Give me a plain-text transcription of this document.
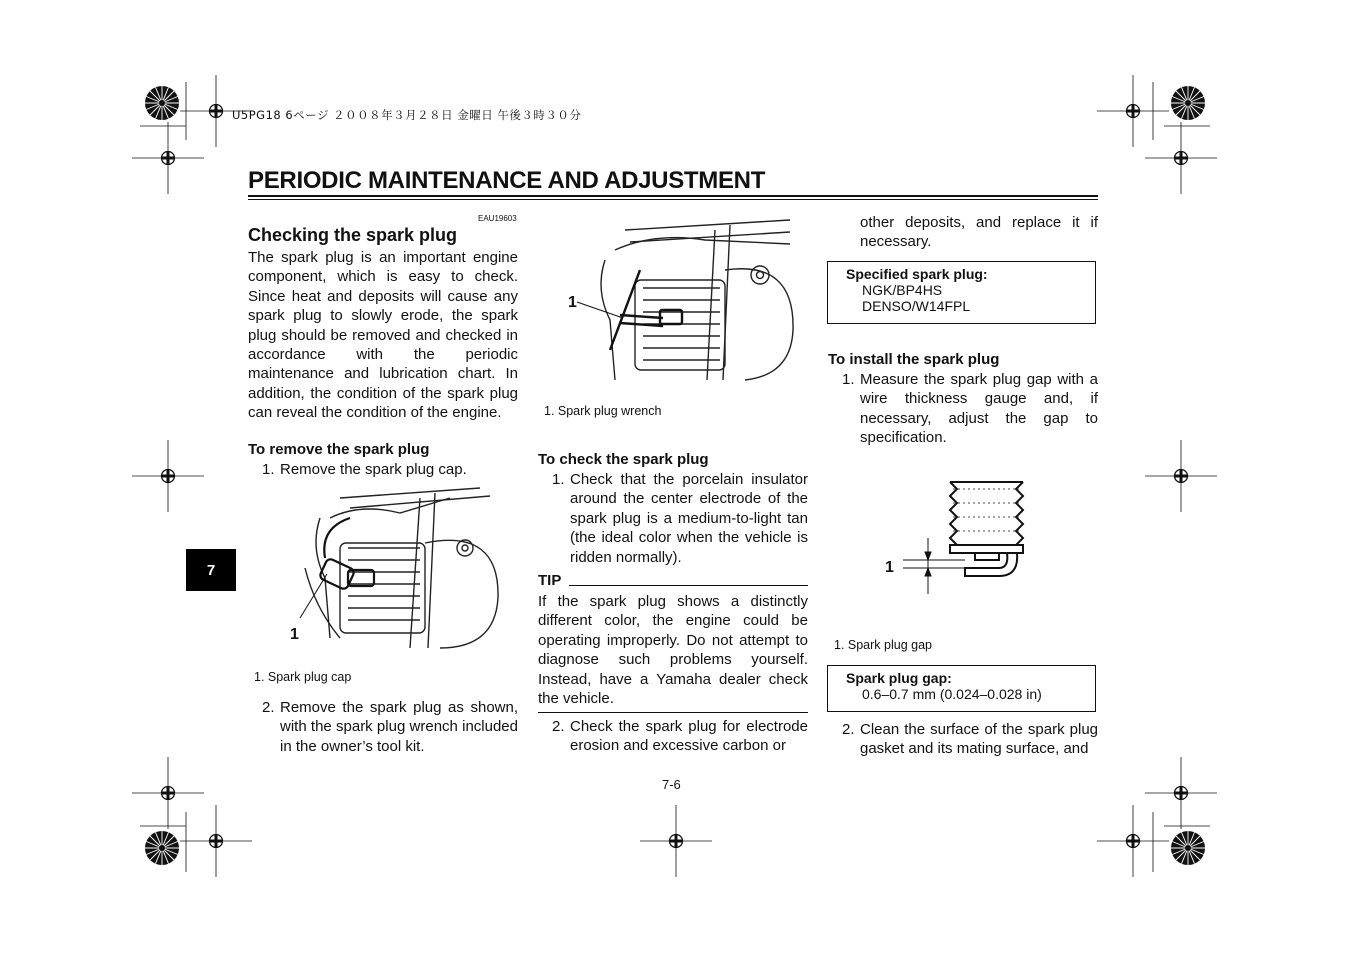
U5PG18 6ページ ２００８年３月２８日 金曜日 午後３時３０分
PERIODIC MAINTENANCE AND ADJUSTMENT
EAU19603
Checking the spark plug
The spark plug is an important engine component, which is easy to check. Since heat and deposits will cause any spark plug to slowly erode, the spark plug should be removed and checked in accordance with the periodic maintenance and lubrication chart. In addition, the condition of the spark plug can reveal the condition of the engine.
To remove the spark plug
1. Remove the spark plug cap.
1
1. Spark plug cap
2. Remove the spark plug as shown, with the spark plug wrench included in the owner’s tool kit.
1
1. Spark plug wrench
To check the spark plug
1. Check that the porcelain insulator around the center electrode of the spark plug is a medium-to-light tan (the ideal color when the vehicle is ridden normally).
TIP
If the spark plug shows a distinctly different color, the engine could be operating improperly. Do not attempt to diagnose such problems yourself. Instead, have a Yamaha dealer check the vehicle.
2. Check the spark plug for electrode erosion and excessive carbon or
other deposits, and replace it if necessary.
Specified spark plug:
NGK/BP4HS
DENSO/W14FPL
To install the spark plug
1. Measure the spark plug gap with a wire thickness gauge and, if necessary, adjust the gap to specification.
1
1. Spark plug gap
Spark plug gap:
0.6–0.7 mm (0.024–0.028 in)
2. Clean the surface of the spark plug gasket and its mating surface, and
7
7-6
